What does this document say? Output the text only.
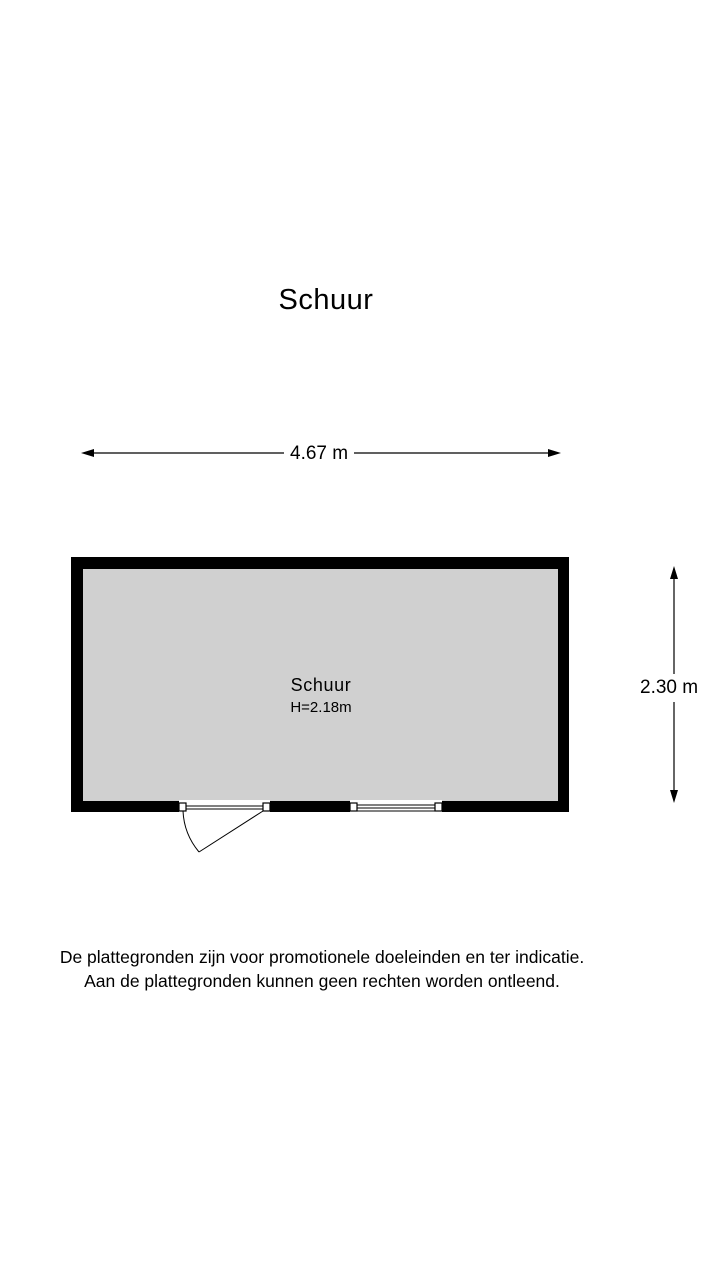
Schuur
4.67 m
2.30 m
Schuur
H=2.18m
De plattegronden zijn voor promotionele doeleinden en ter indicatie.
Aan de plattegronden kunnen geen rechten worden ontleend.
